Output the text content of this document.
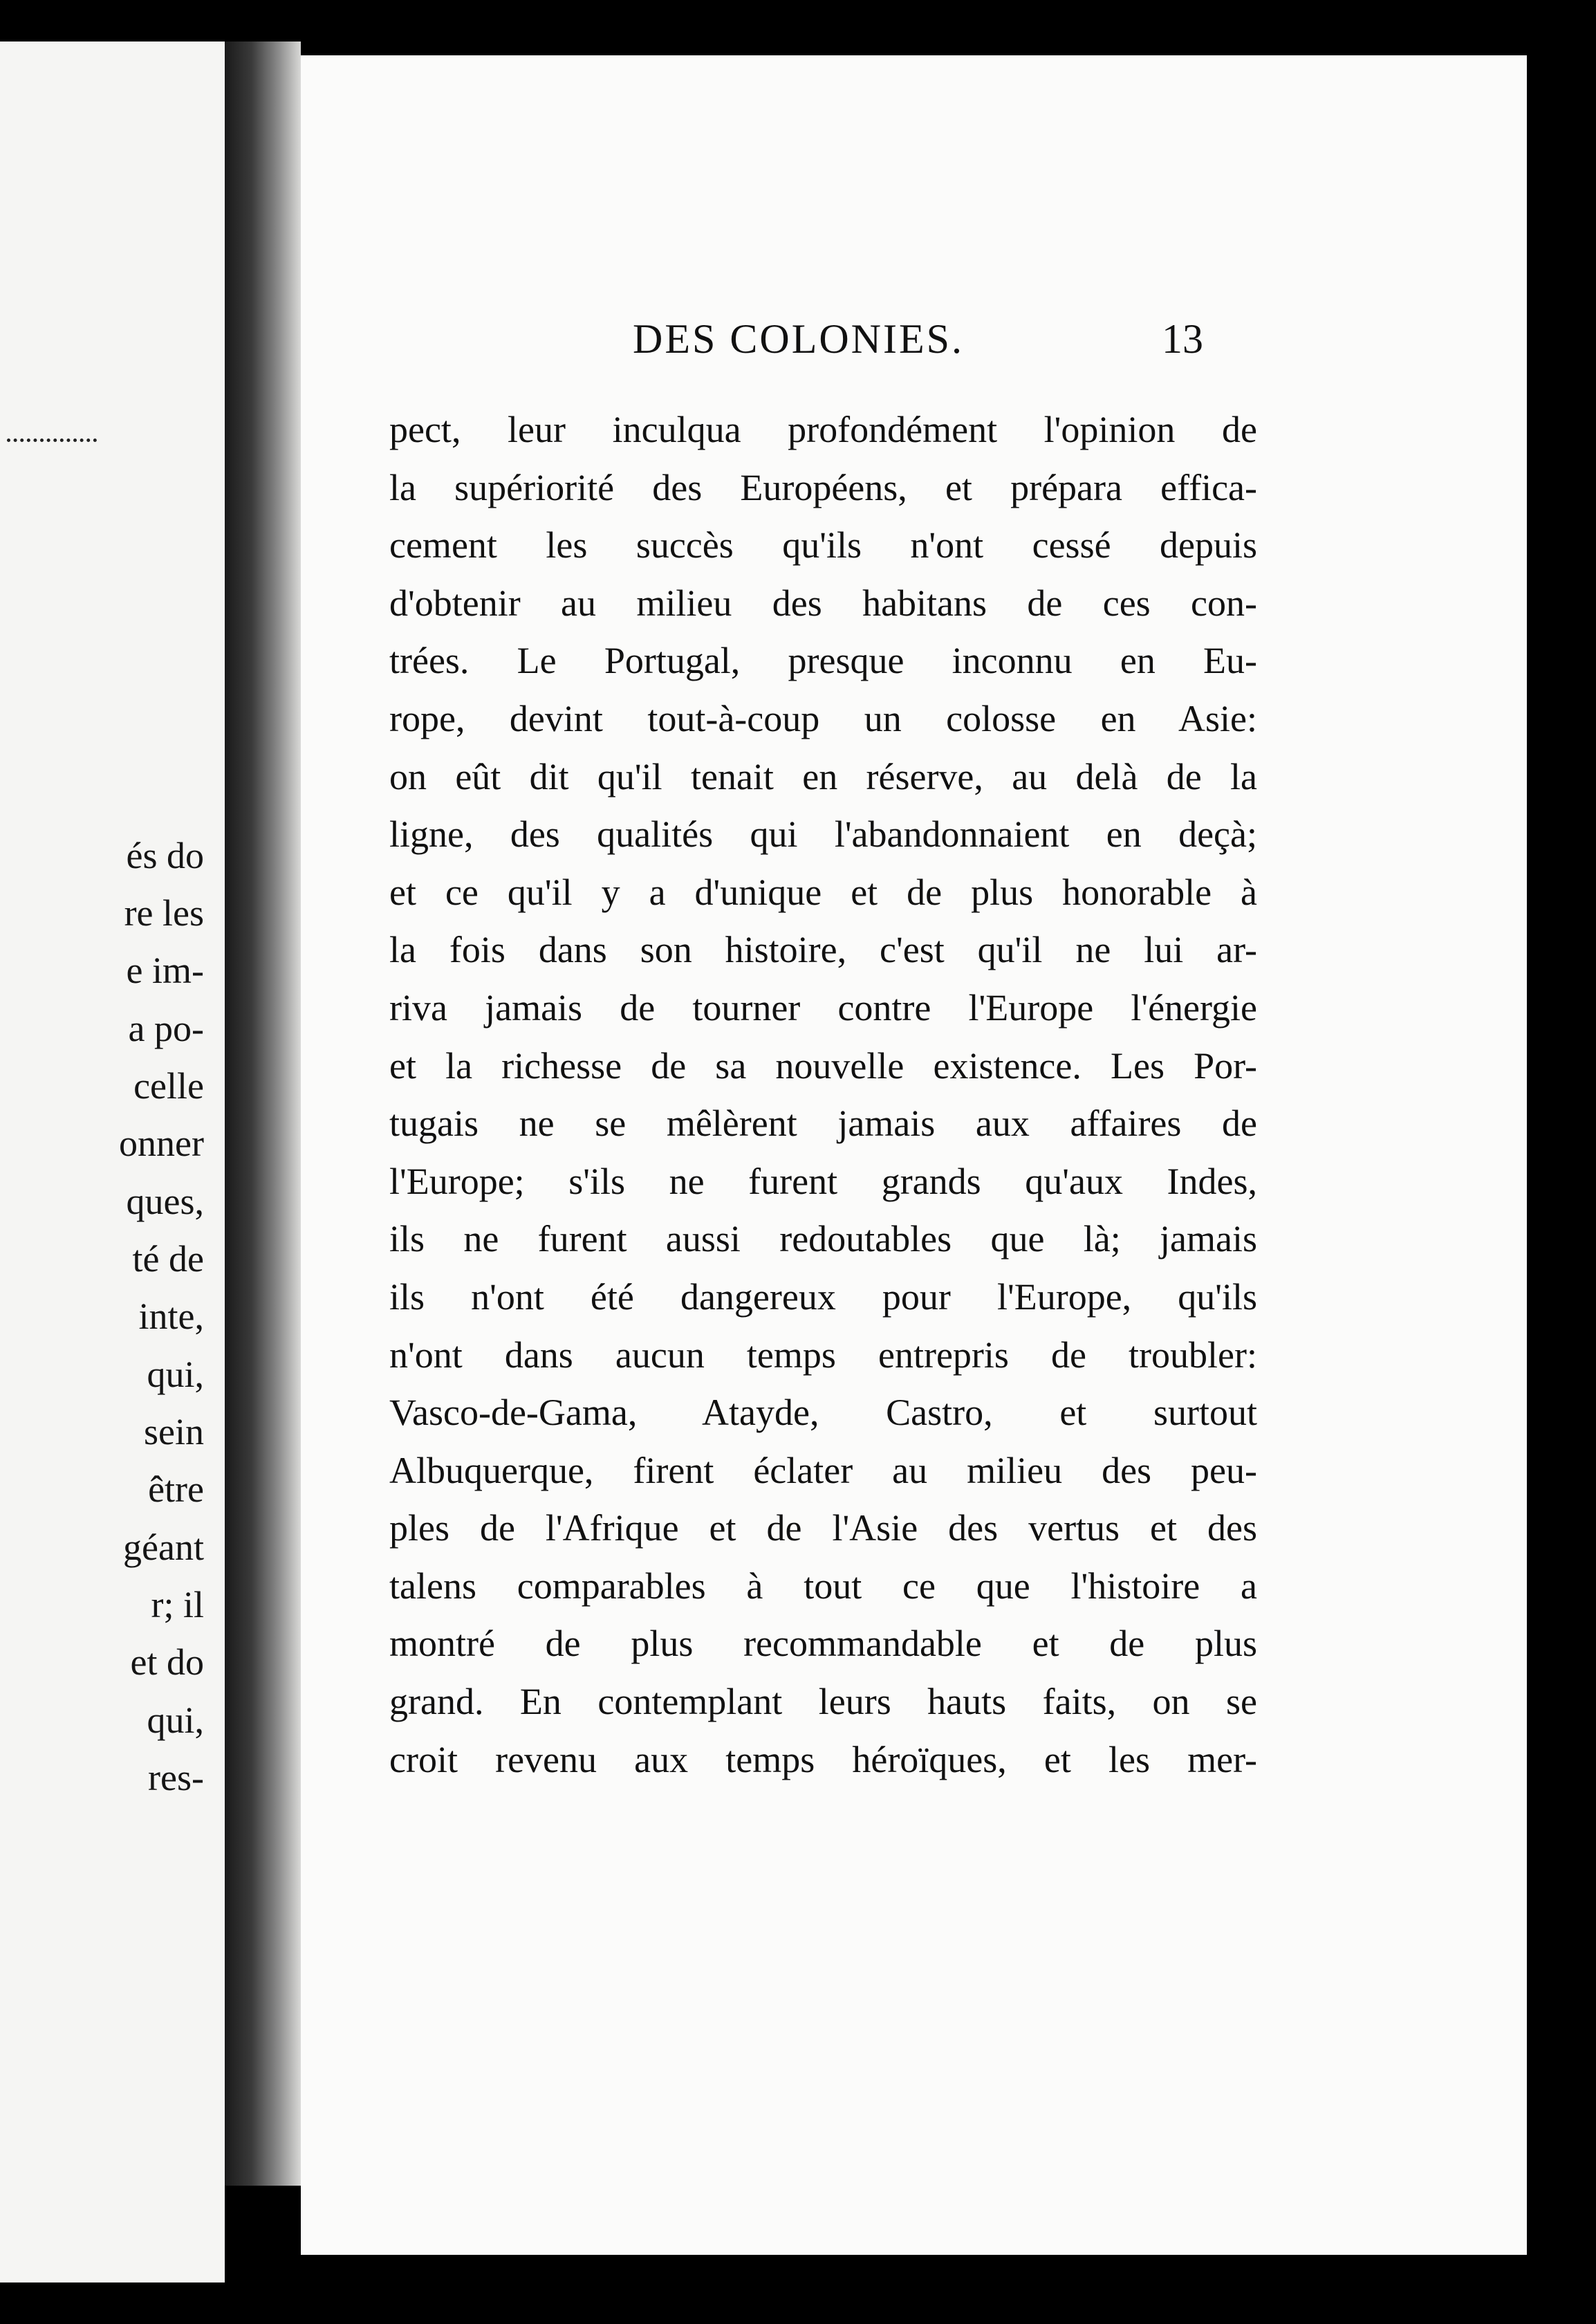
és do
re les
e im-
a po-
celle
onner
ques,
té de
inte,
qui,
sein
être
géant
r; il
et do
qui,
res-
DES COLONIES.	13
pect, leur inculqua profondément l'opinion de
la supériorité des Européens, et prépara effica-
cement les succès qu'ils n'ont cessé depuis
d'obtenir au milieu des habitans de ces con-
trées. Le Portugal, presque inconnu en Eu-
rope, devint tout-à-coup un colosse en Asie:
on eût dit qu'il tenait en réserve, au delà de la
ligne, des qualités qui l'abandonnaient en deçà;
et ce qu'il y a d'unique et de plus honorable à
la fois dans son histoire, c'est qu'il ne lui ar-
riva jamais de tourner contre l'Europe l'énergie
et la richesse de sa nouvelle existence. Les Por-
tugais ne se mêlèrent jamais aux affaires de
l'Europe; s'ils ne furent grands qu'aux Indes,
ils ne furent aussi redoutables que là; jamais
ils n'ont été dangereux pour l'Europe, qu'ils
n'ont dans aucun temps entrepris de troubler:
Vasco-de-Gama, Atayde, Castro, et surtout
Albuquerque, firent éclater au milieu des peu-
ples de l'Afrique et de l'Asie des vertus et des
talens comparables à tout ce que l'histoire a
montré de plus recommandable et de plus
grand. En contemplant leurs hauts faits, on se
croit revenu aux temps héroïques, et les mer-
